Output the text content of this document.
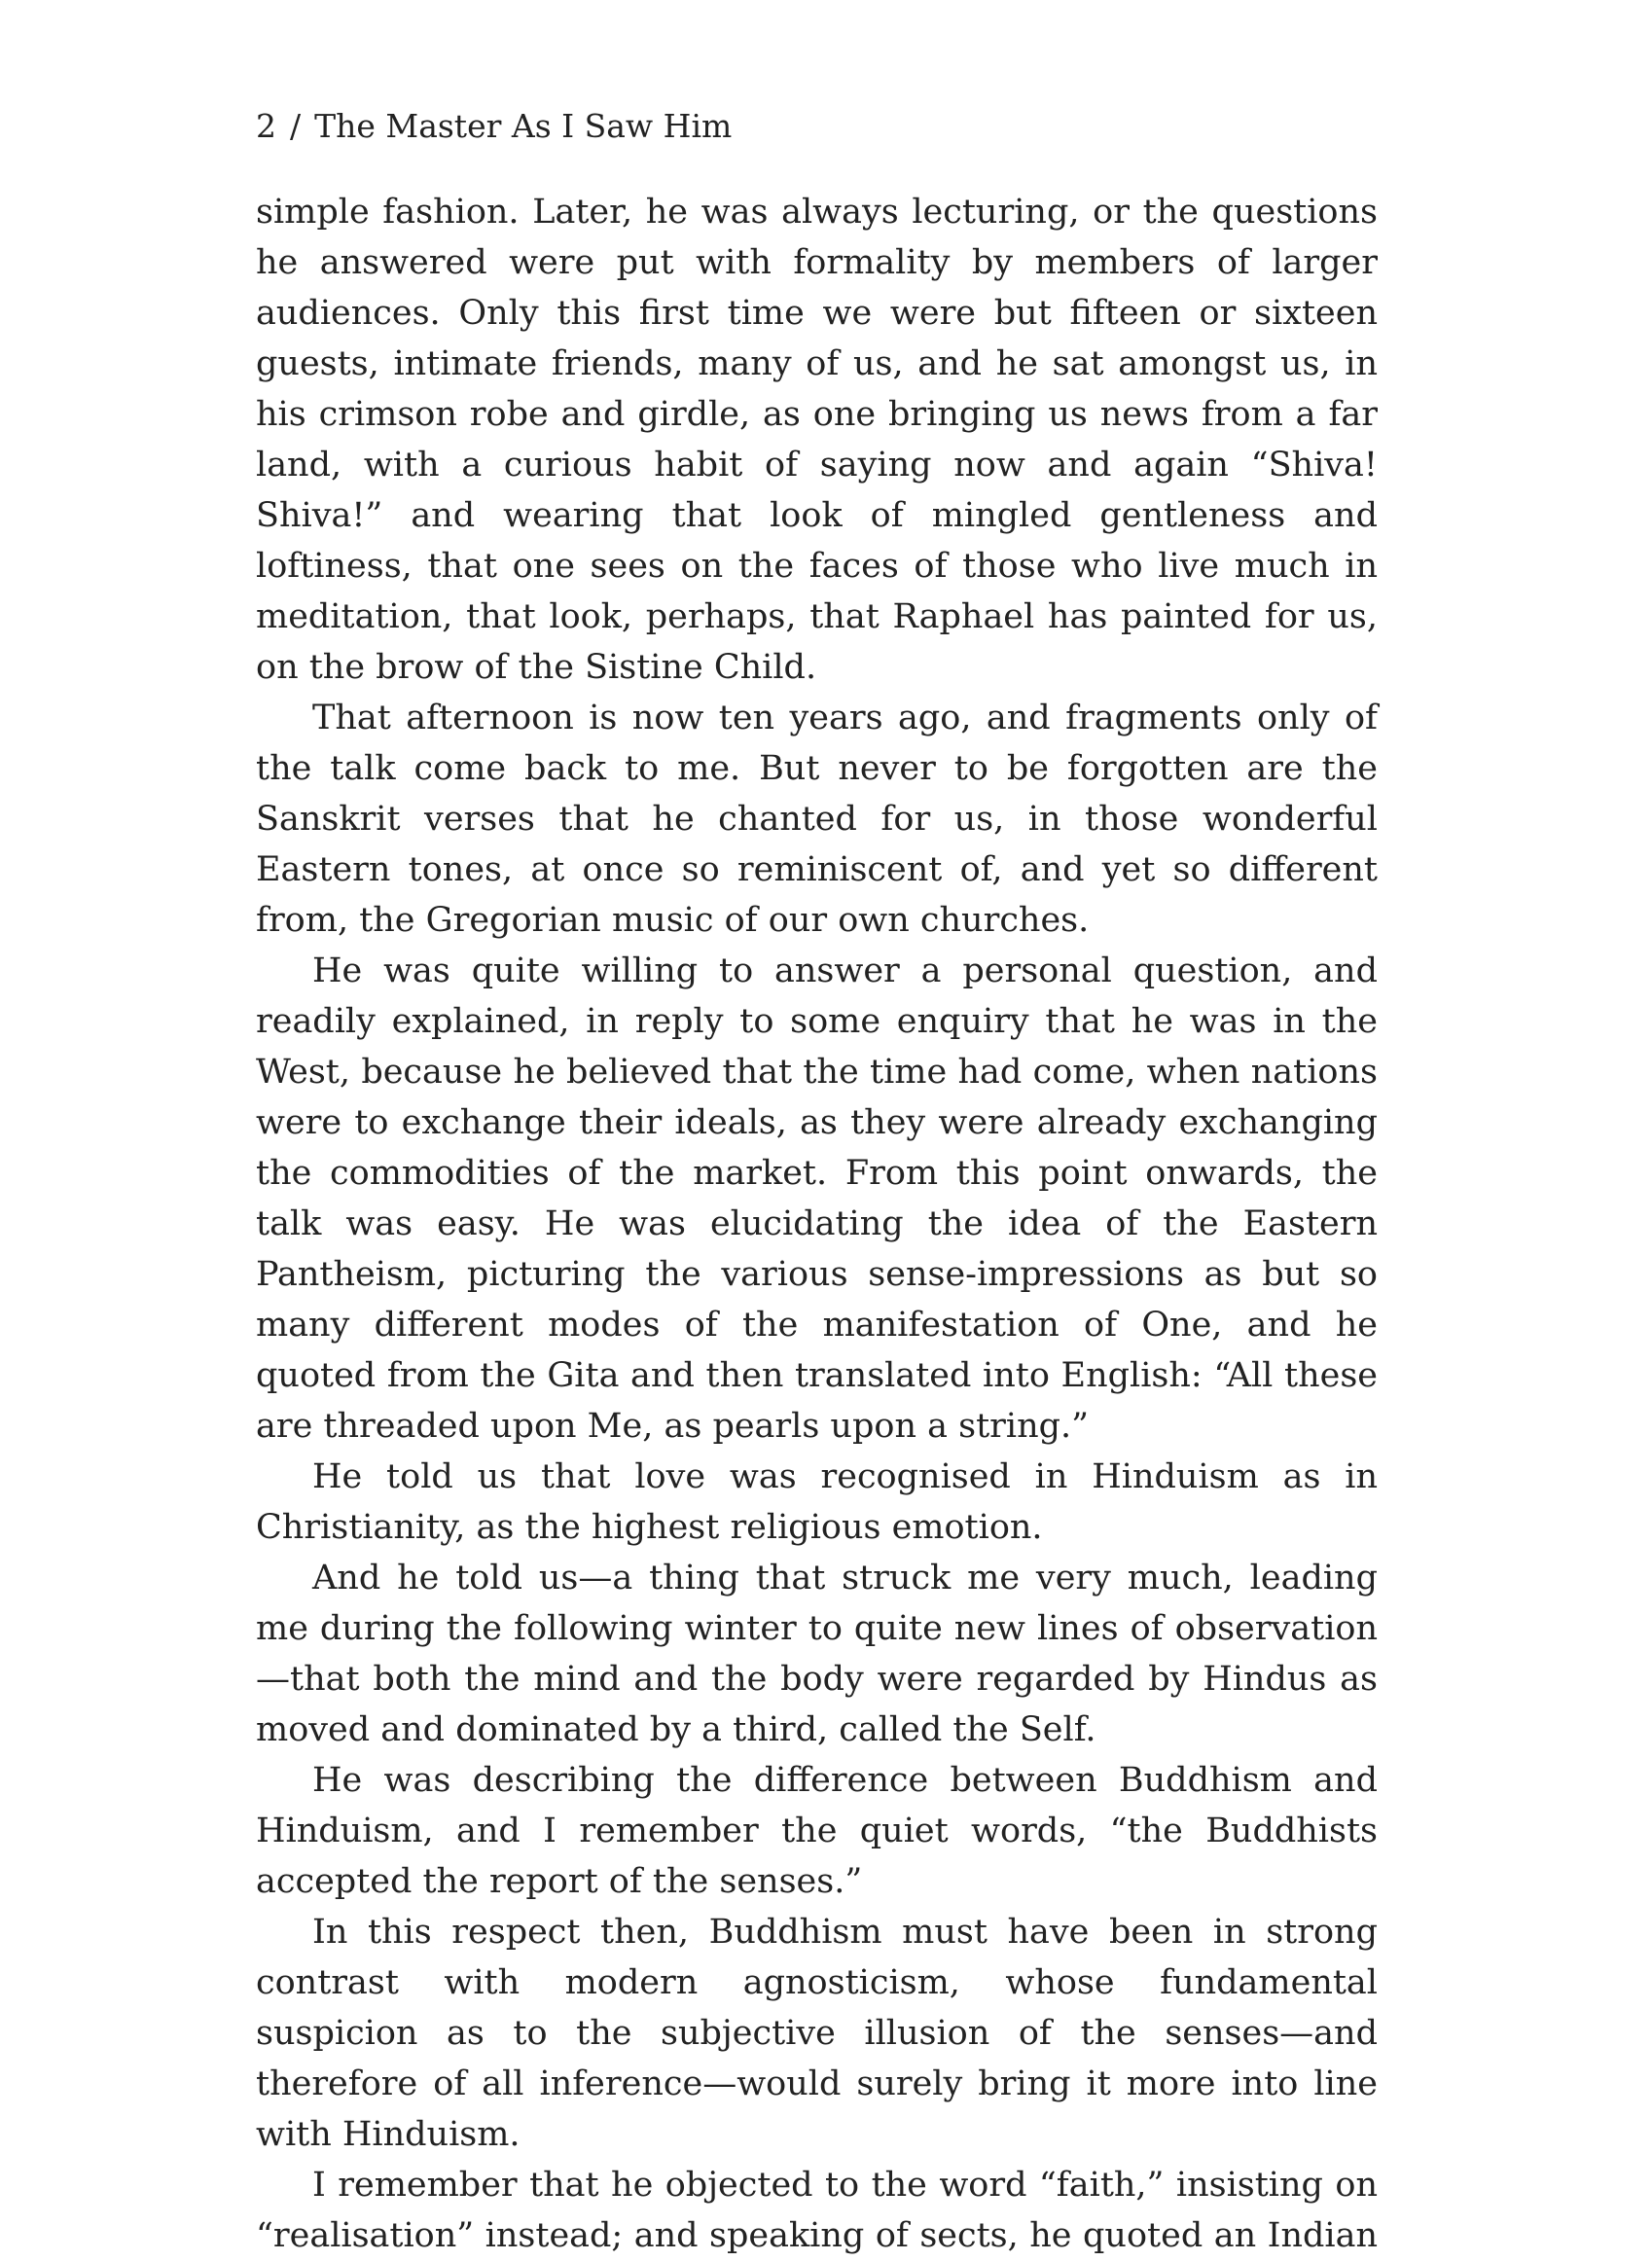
2 / The Master As I Saw Him

simple fashion. Later, he was always lecturing, or the questions he answered were put with formality by members of larger audiences. Only this first time we were but fifteen or sixteen guests, intimate friends, many of us, and he sat amongst us, in his crimson robe and girdle, as one bringing us news from a far land, with a curious habit of saying now and again “Shiva! Shiva!” and wearing that look of mingled gentleness and loftiness, that one sees on the faces of those who live much in meditation, that look, perhaps, that Raphael has painted for us, on the brow of the Sistine Child.

That afternoon is now ten years ago, and fragments only of the talk come back to me. But never to be forgotten are the Sanskrit verses that he chanted for us, in those wonderful Eastern tones, at once so reminiscent of, and yet so different from, the Gregorian music of our own churches.

He was quite willing to answer a personal question, and readily explained, in reply to some enquiry that he was in the West, because he believed that the time had come, when nations were to exchange their ideals, as they were already exchanging the commodities of the market. From this point onwards, the talk was easy. He was elucidating the idea of the Eastern Pantheism, picturing the various sense-impressions as but so many different modes of the manifestation of One, and he quoted from the Gita and then translated into English: “All these are threaded upon Me, as pearls upon a string.”

He told us that love was recognised in Hinduism as in Christianity, as the highest religious emotion.

And he told us—a thing that struck me very much, leading me during the following winter to quite new lines of observation—that both the mind and the body were regarded by Hindus as moved and dominated by a third, called the Self.

He was describing the difference between Buddhism and Hinduism, and I remember the quiet words, “the Buddhists accepted the report of the senses.”

In this respect then, Buddhism must have been in strong contrast with modern agnosticism, whose fundamental suspicion as to the subjective illusion of the senses—and therefore of all inference—would surely bring it more into line with Hinduism.

I remember that he objected to the word “faith,” insisting on “realisation” instead; and speaking of sects, he quoted an Indian
